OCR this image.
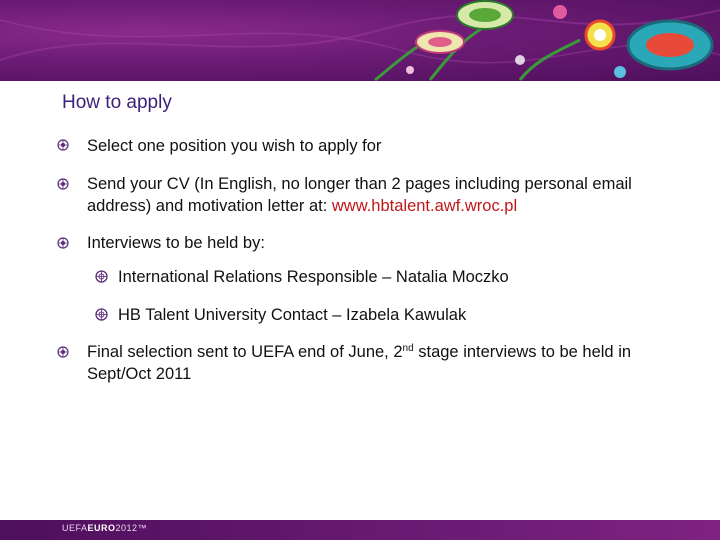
How to apply
Select one position you wish to apply for
Send your CV (In English, no longer than 2 pages including personal email address) and motivation letter at: www.hbtalent.awf.wroc.pl
Interviews to be held by:
International Relations Responsible – Natalia Moczko
HB Talent University Contact – Izabela Kawulak
Final selection sent to UEFA end of June, 2nd stage interviews to be held in Sept/Oct 2011
UEFAEURO2012™
